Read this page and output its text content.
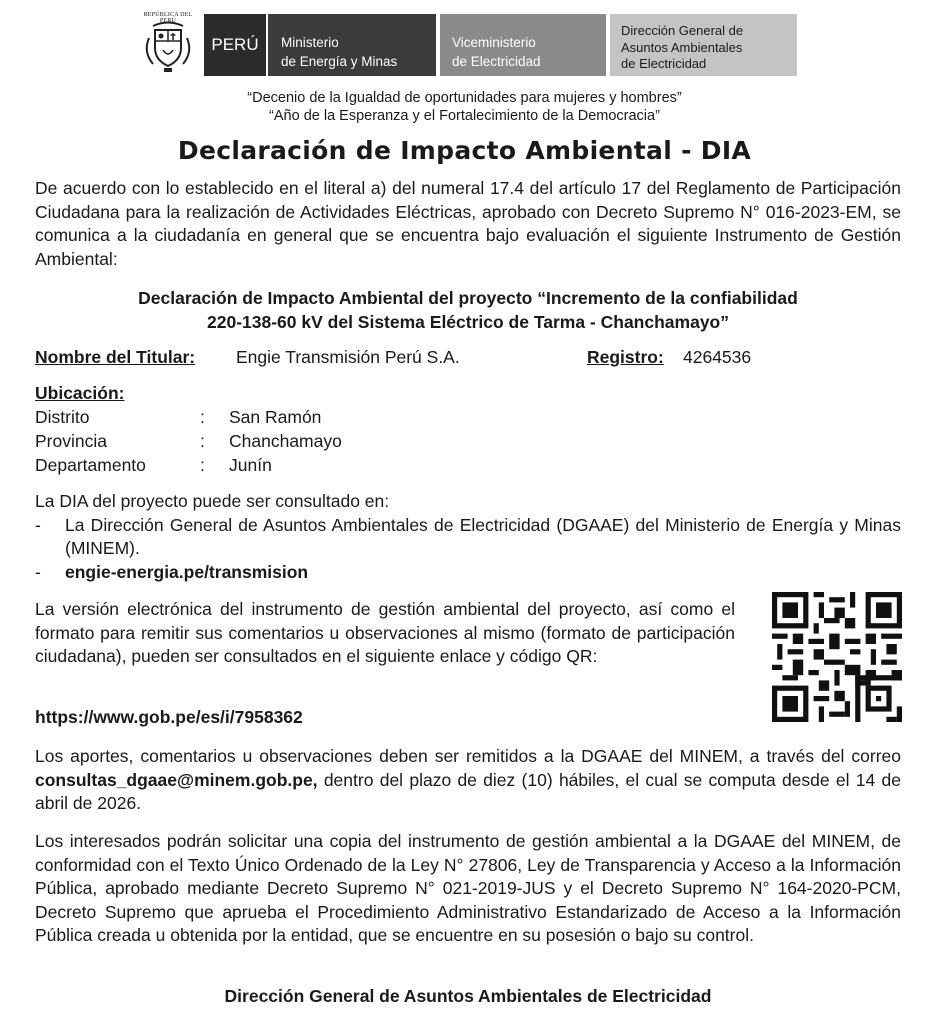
REPÚBLICA DEL PERÚ
PERÚ	Ministerio
de Energía y Minas
Viceministerio
de Electricidad
Dirección General de
Asuntos Ambientales
de Electricidad
“Decenio de la Igualdad de oportunidades para mujeres y hombres”
“Año de la Esperanza y el Fortalecimiento de la Democracia”
Declaración de Impacto Ambiental - DIA
De acuerdo con lo establecido en el literal a) del numeral 17.4 del artículo 17 del Reglamento de Participación Ciudadana para la realización de Actividades Eléctricas, aprobado con Decreto Supremo N° 016-2023-EM, se comunica a la ciudadanía en general que se encuentra bajo evaluación el siguiente Instrumento de Gestión Ambiental:
Declaración de Impacto Ambiental del proyecto “Incremento de la confiabilidad
220-138-60 kV del Sistema Eléctrico de Tarma - Chanchamayo”
Nombre del Titular: Engie Transmisión Perú S.A.	Registro: 4264536
Ubicación:
Distrito	:	San Ramón
Provincia	:	Chanchamayo
Departamento	:	Junín
La DIA del proyecto puede ser consultado en:
-	La Dirección General de Asuntos Ambientales de Electricidad (DGAAE) del Ministerio de Energía y Minas (MINEM).
-	engie-energia.pe/transmision
La versión electrónica del instrumento de gestión ambiental del proyecto, así como el formato para remitir sus comentarios u observaciones al mismo (formato de participación ciudadana), pueden ser consultados en el siguiente enlace y código QR:
https://www.gob.pe/es/i/7958362
Los aportes, comentarios u observaciones deben ser remitidos a la DGAAE del MINEM, a través del correo consultas_dgaae@minem.gob.pe, dentro del plazo de diez (10) hábiles, el cual se computa desde el 14 de abril de 2026.
Los interesados podrán solicitar una copia del instrumento de gestión ambiental a la DGAAE del MINEM, de conformidad con el Texto Único Ordenado de la Ley N° 27806, Ley de Transparencia y Acceso a la Información Pública, aprobado mediante Decreto Supremo N° 021-2019-JUS y el Decreto Supremo N° 164-2020-PCM, Decreto Supremo que aprueba el Procedimiento Administrativo Estandarizado de Acceso a la Información Pública creada u obtenida por la entidad, que se encuentre en su posesión o bajo su control.
Dirección General de Asuntos Ambientales de Electricidad
